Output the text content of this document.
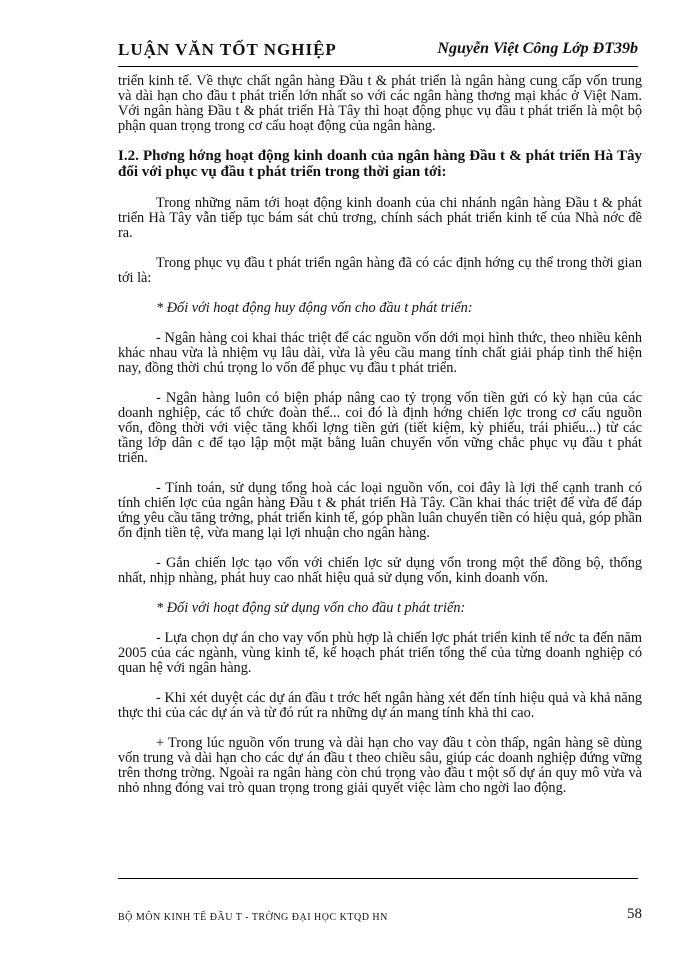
LUẬN VĂN TỐT NGHIỆP	Nguyễn Việt Công Lớp ĐT39b

triển kinh tế. Về thực chất ngân hàng Đầu t & phát triển là ngân hàng cung cấp vốn trung và dài hạn cho đầu t phát triển lớn nhất so với các ngân hàng thơng mại khác ở Việt Nam. Với ngân hàng Đầu t & phát triển Hà Tây thì hoạt động phục vụ đầu t phát triển là một bộ phận quan trọng trong cơ cấu hoạt động của ngân hàng.

I.2. Phơng hớng hoạt động kinh doanh của ngân hàng Đầu t & phát triển Hà Tây đối với phục vụ đầu t phát triển trong thời gian tới:

Trong những năm tới hoạt động kinh doanh của chi nhánh ngân hàng Đầu t & phát triển Hà Tây vẫn tiếp tục bám sát chủ trơng, chính sách phát triển kinh tế của Nhà nớc đề ra.

Trong phục vụ đầu t phát triển ngân hàng đã có các định hớng cụ thể trong thời gian tới là:

* Đối với hoạt động huy động vốn cho đầu t phát triển:

- Ngân hàng coi khai thác triệt để các nguồn vốn dới mọi hình thức, theo nhiều kênh khác nhau vừa là nhiệm vụ lâu dài, vừa là yêu cầu mang tính chất giải pháp tình thế hiện nay, đồng thời chú trọng lo vốn để phục vụ đầu t phát triển.

- Ngân hàng luôn có biện pháp nâng cao tỷ trọng vốn tiền gửi có kỳ hạn của các doanh nghiệp, các tổ chức đoàn thể... coi đó là định hớng chiến lợc trong cơ cấu nguồn vốn, đồng thời với việc tăng khối lợng tiền gửi (tiết kiệm, kỳ phiếu, trái phiếu...) từ các tầng lớp dân c để tạo lập một mặt bằng luân chuyển vốn vững chắc phục vụ đầu t phát triển.

- Tính toán, sử dụng tổng hoà các loại nguồn vốn, coi đây là lợi thế cạnh tranh có tính chiến lợc của ngân hàng Đầu t & phát triển Hà Tây. Cần khai thác triệt để vừa để đáp ứng yêu cầu tăng trởng, phát triển kinh tế, góp phần luân chuyển tiền có hiệu quả, góp phần ổn định tiền tệ, vừa mang lại lợi nhuận cho ngân hàng.

- Gắn chiến lợc tạo vốn với chiến lợc sử dụng vốn trong một thể đồng bộ, thống nhất, nhịp nhàng, phát huy cao nhất hiệu quả sử dụng vốn, kinh doanh vốn.

* Đối với hoạt động sử dụng vốn cho đầu t phát triển:

- Lựa chọn dự án cho vay vốn phù hợp là chiến lợc phát triển kinh tế nớc ta đến năm 2005 của các ngành, vùng kinh tế, kế hoạch phát triển tổng thể của từng doanh nghiệp có quan hệ với ngân hàng.

- Khi xét duyệt các dự án đầu t trớc hết ngân hàng xét đến tính hiệu quả và khả năng thực thi của các dự án và từ đó rút ra những dự án mang tính khả thi cao.

+ Trong lúc nguồn vốn trung và dài hạn cho vay đầu t còn thấp, ngân hàng sẽ dùng vốn trung và dài hạn cho các dự án đầu t theo chiều sâu, giúp các doanh nghiệp đứng vững trên thơng trờng. Ngoài ra ngân hàng còn chú trọng vào đầu t một số dự án quy mô vừa và nhỏ nhng đóng vai trò quan trọng trong giải quyết việc làm cho ngời lao động.

BỘ MÔN KINH TẾ ĐẦU T - TRỜNG ĐẠI HỌC KTQD HN	58
